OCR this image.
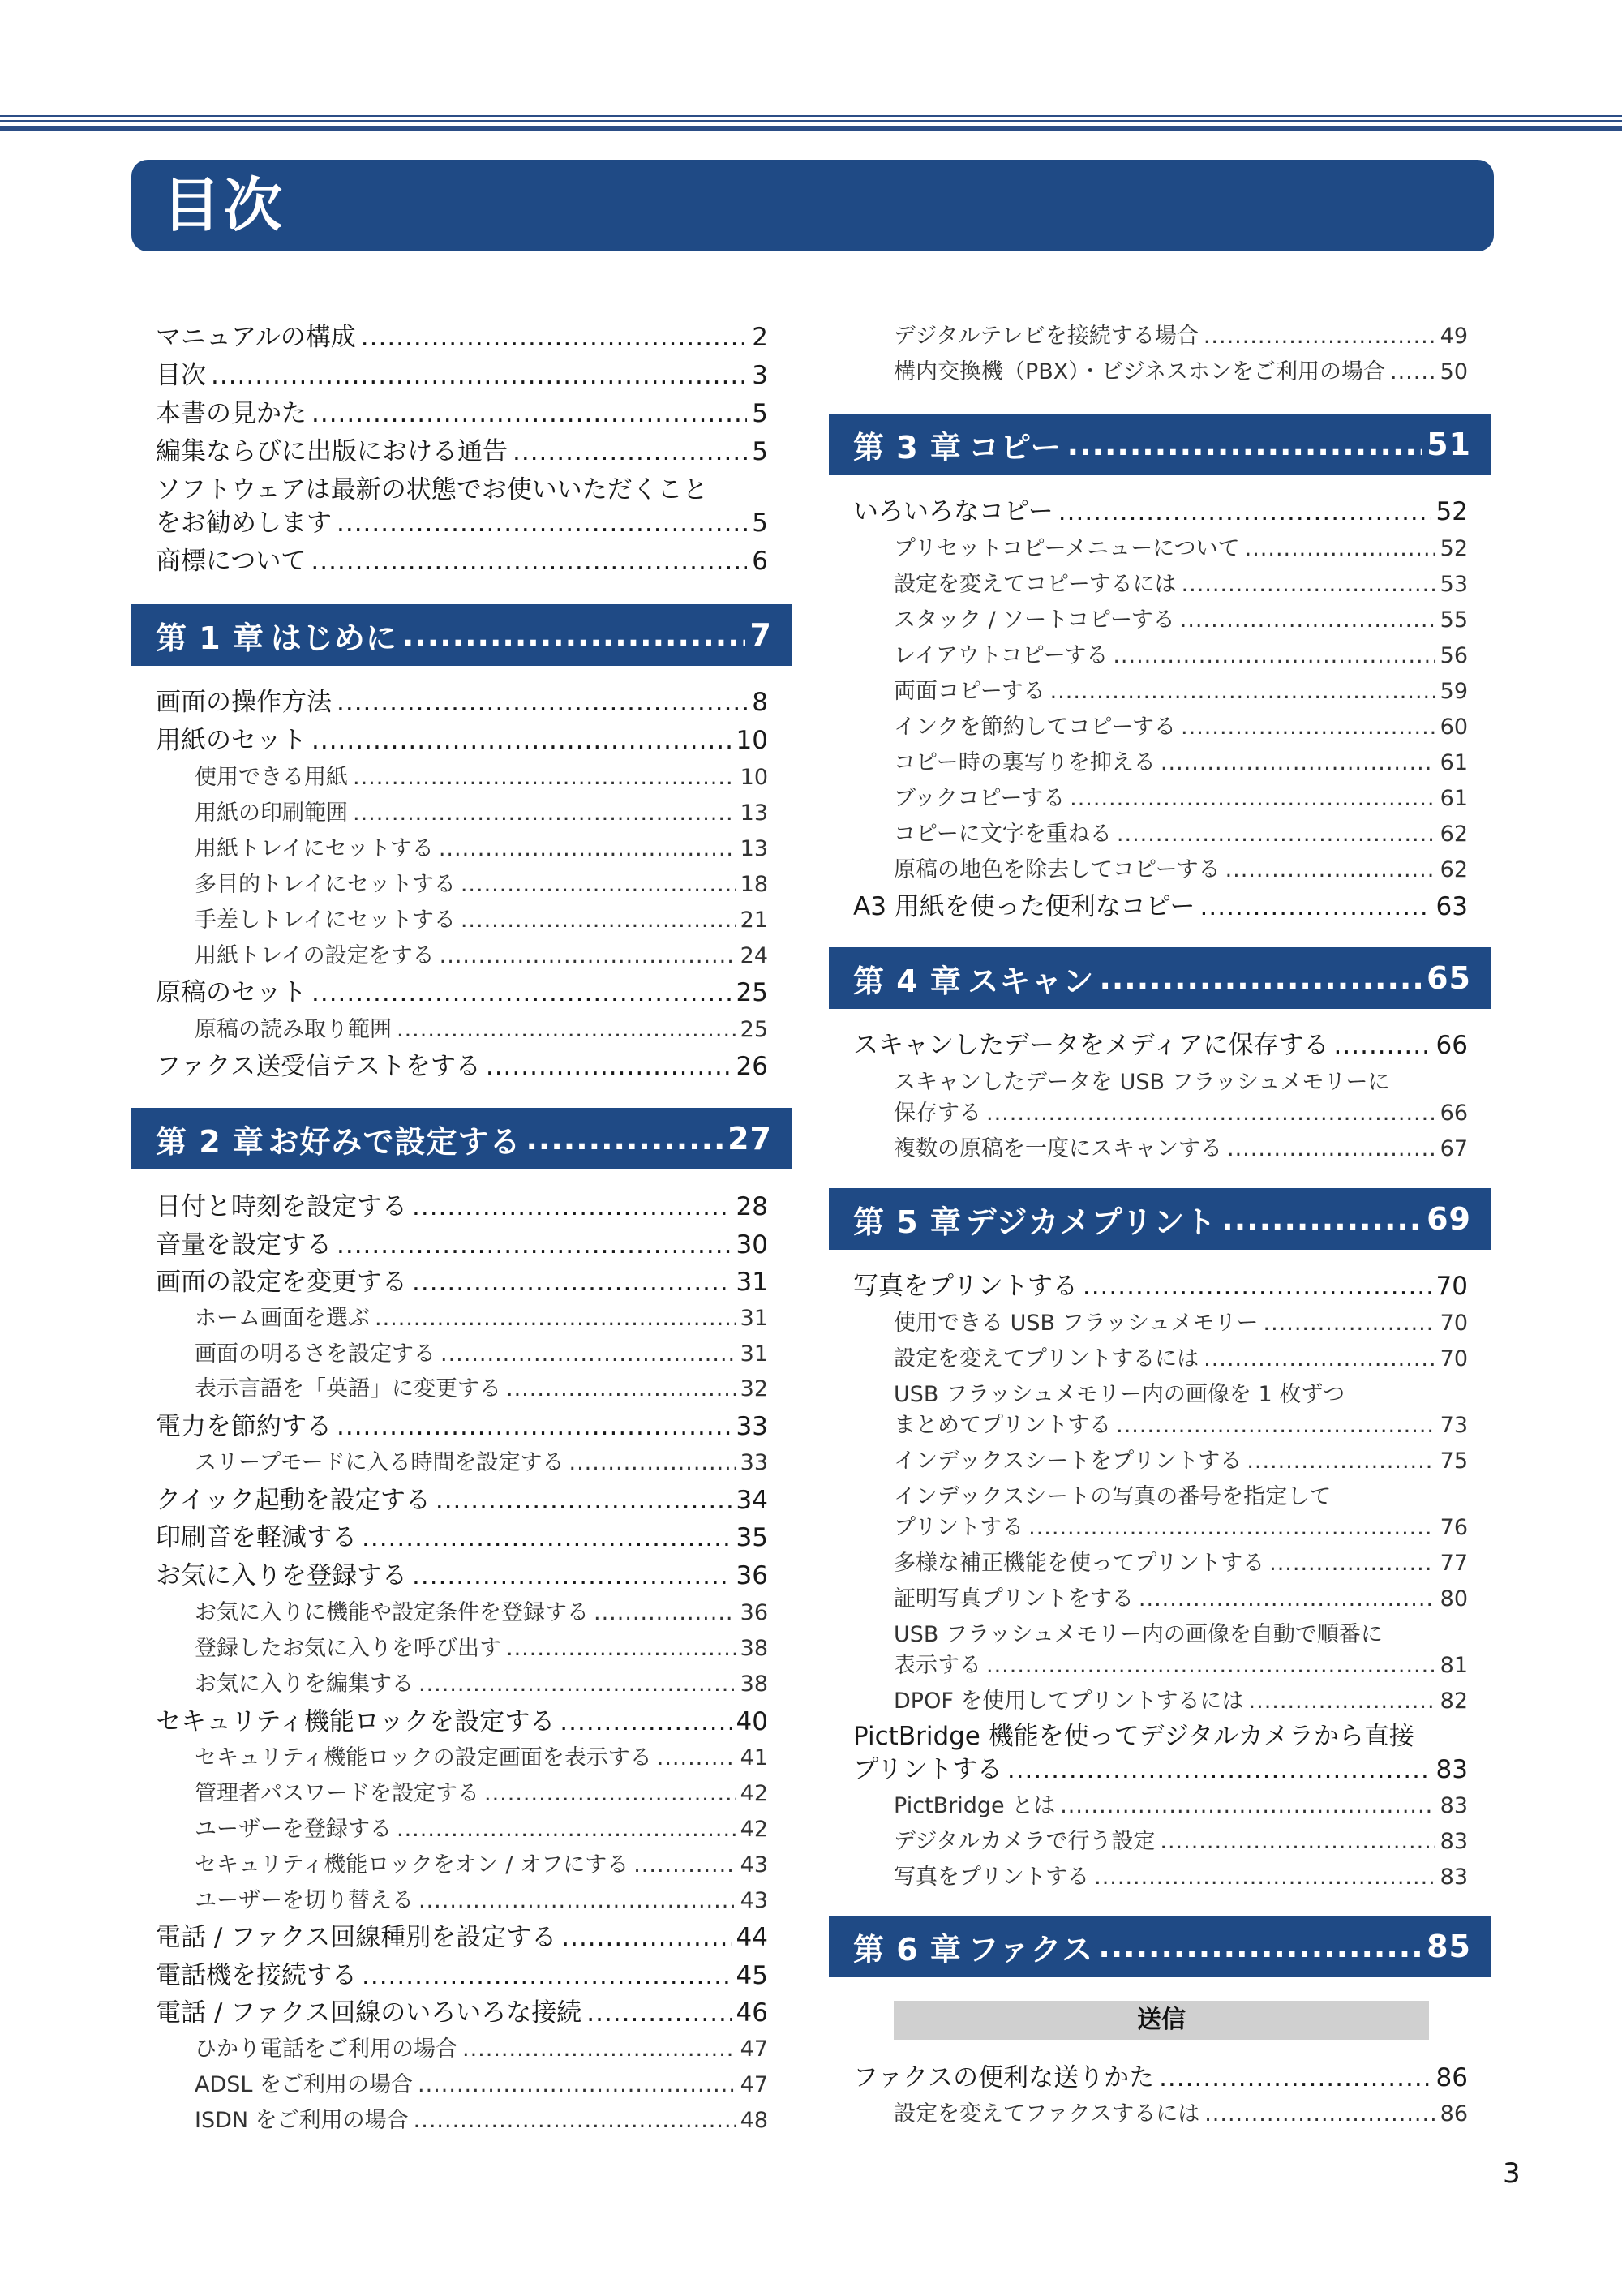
目次
マニュアルの構成 .....	2
目次 .....	3
本書の見かた .....	5
編集ならびに出版における通告 .....	5
ソフトウェアは最新の状態でお使いいただくこと
をお勧めします .....	5
商標について .....	6
第 1 章 はじめに .....	7
画面の操作方法 .....	8
用紙のセット .....	10
使用できる用紙 .....	10
用紙の印刷範囲 .....	13
用紙トレイにセットする .....	13
多目的トレイにセットする .....	18
手差しトレイにセットする .....	21
用紙トレイの設定をする .....	24
原稿のセット .....	25
原稿の読み取り範囲 .....	25
ファクス送受信テストをする .....	26
第 2 章 お好みで設定する .....	27
日付と時刻を設定する .....	28
音量を設定する .....	30
画面の設定を変更する .....	31
ホーム画面を選ぶ .....	31
画面の明るさを設定する .....	31
表示言語を「英語」に変更する .....	32
電力を節約する .....	33
スリープモードに入る時間を設定する .....	33
クイック起動を設定する .....	34
印刷音を軽減する .....	35
お気に入りを登録する .....	36
お気に入りに機能や設定条件を登録する .....	36
登録したお気に入りを呼び出す .....	38
お気に入りを編集する .....	38
セキュリティ機能ロックを設定する .....	40
セキュリティ機能ロックの設定画面を表示する .....	41
管理者パスワードを設定する .....	42
ユーザーを登録する .....	42
セキュリティ機能ロックをオン / オフにする .....	43
ユーザーを切り替える .....	43
電話 / ファクス回線種別を設定する .....	44
電話機を接続する .....	45
電話 / ファクス回線のいろいろな接続 .....	46
ひかり電話をご利用の場合 .....	47
ADSL をご利用の場合 .....	47
ISDN をご利用の場合 .....	48
デジタルテレビを接続する場合 .....	49
構内交換機（PBX）・ビジネスホンをご利用の場合 .....	50
第 3 章 コピー .....	51
いろいろなコピー .....	52
プリセットコピーメニューについて .....	52
設定を変えてコピーするには .....	53
スタック / ソートコピーする .....	55
レイアウトコピーする .....	56
両面コピーする .....	59
インクを節約してコピーする .....	60
コピー時の裏写りを抑える .....	61
ブックコピーする .....	61
コピーに文字を重ねる .....	62
原稿の地色を除去してコピーする .....	62
A3 用紙を使った便利なコピー .....	63
第 4 章 スキャン .....	65
スキャンしたデータをメディアに保存する .....	66
スキャンしたデータを USB フラッシュメモリーに
保存する .....	66
複数の原稿を一度にスキャンする .....	67
第 5 章 デジカメプリント .....	69
写真をプリントする .....	70
使用できる USB フラッシュメモリー .....	70
設定を変えてプリントするには .....	70
USB フラッシュメモリー内の画像を 1 枚ずつ
まとめてプリントする .....	73
インデックスシートをプリントする .....	75
インデックスシートの写真の番号を指定して
プリントする .....	76
多様な補正機能を使ってプリントする .....	77
証明写真プリントをする .....	80
USB フラッシュメモリー内の画像を自動で順番に
表示する .....	81
DPOF を使用してプリントするには .....	82
PictBridge 機能を使ってデジタルカメラから直接
プリントする .....	83
PictBridge とは .....	83
デジタルカメラで行う設定 .....	83
写真をプリントする .....	83
第 6 章 ファクス .....	85
送信
ファクスの便利な送りかた .....	86
設定を変えてファクスするには .....	86
3
